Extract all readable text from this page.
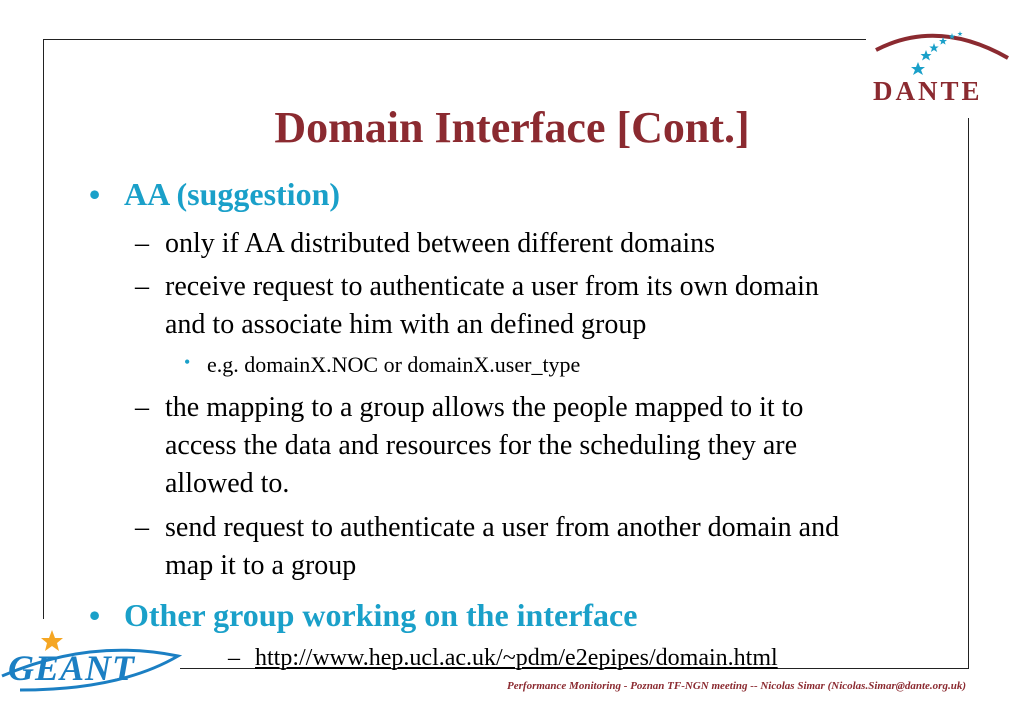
DANTE
GEANT
Domain Interface [Cont.]
• AA (suggestion)
– only if AA distributed between different domains
– receive request to authenticate a user from its own domain
and to associate him with an defined group
• e.g. domainX.NOC or domainX.user_type
– the mapping to a group allows the people mapped to it to
access the data and resources for the scheduling they are
allowed to.
– send request to authenticate a user from another domain and
map it to a group
• Other group working on the interface
– http://www.hep.ucl.ac.uk/~pdm/e2epipes/domain.html
Performance Monitoring - Poznan TF-NGN meeting -- Nicolas Simar (Nicolas.Simar@dante.org.uk)
